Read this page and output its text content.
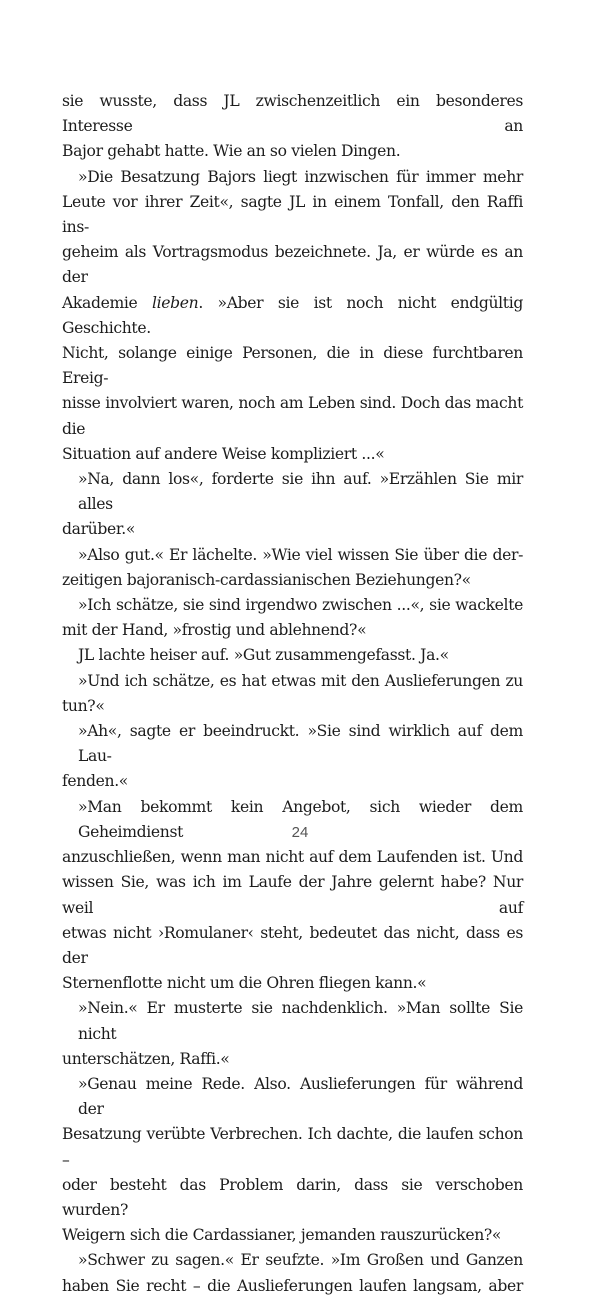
sie wusste, dass JL zwischenzeitlich ein besonderes Interesse an
Bajor gehabt hatte. Wie an so vielen Dingen.

»Die Besatzung Bajors liegt inzwischen für immer mehr
Leute vor ihrer Zeit«, sagte JL in einem Tonfall, den Raffi ins-
geheim als Vortragsmodus bezeichnete. Ja, er würde es an der
Akademie lieben. »Aber sie ist noch nicht endgültig Geschichte.
Nicht, solange einige Personen, die in diese furchtbaren Ereig-
nisse involviert waren, noch am Leben sind. Doch das macht die
Situation auf andere Weise kompliziert ...«

»Na, dann los«, forderte sie ihn auf. »Erzählen Sie mir alles
darüber.«

»Also gut.« Er lächelte. »Wie viel wissen Sie über die der-
zeitigen bajoranisch-cardassianischen Beziehungen?«

»Ich schätze, sie sind irgendwo zwischen ...«, sie wackelte
mit der Hand, »frostig und ablehnend?«

JL lachte heiser auf. »Gut zusammengefasst. Ja.«

»Und ich schätze, es hat etwas mit den Auslieferungen zu
tun?«

»Ah«, sagte er beeindruckt. »Sie sind wirklich auf dem Lau-
fenden.«

»Man bekommt kein Angebot, sich wieder dem Geheimdienst
anzuschließen, wenn man nicht auf dem Laufenden ist. Und
wissen Sie, was ich im Laufe der Jahre gelernt habe? Nur weil auf
etwas nicht ›Romulaner‹ steht, bedeutet das nicht, dass es der
Sternenflotte nicht um die Ohren fliegen kann.«

»Nein.« Er musterte sie nachdenklich. »Man sollte Sie nicht
unterschätzen, Raffi.«

»Genau meine Rede. Also. Auslieferungen für während der
Besatzung verübte Verbrechen. Ich dachte, die laufen schon –
oder besteht das Problem darin, dass sie verschoben wurden?
Weigern sich die Cardassianer, jemanden rauszurücken?«

»Schwer zu sagen.« Er seufzte. »Im Großen und Ganzen
haben Sie recht – die Auslieferungen laufen langsam, aber

24
